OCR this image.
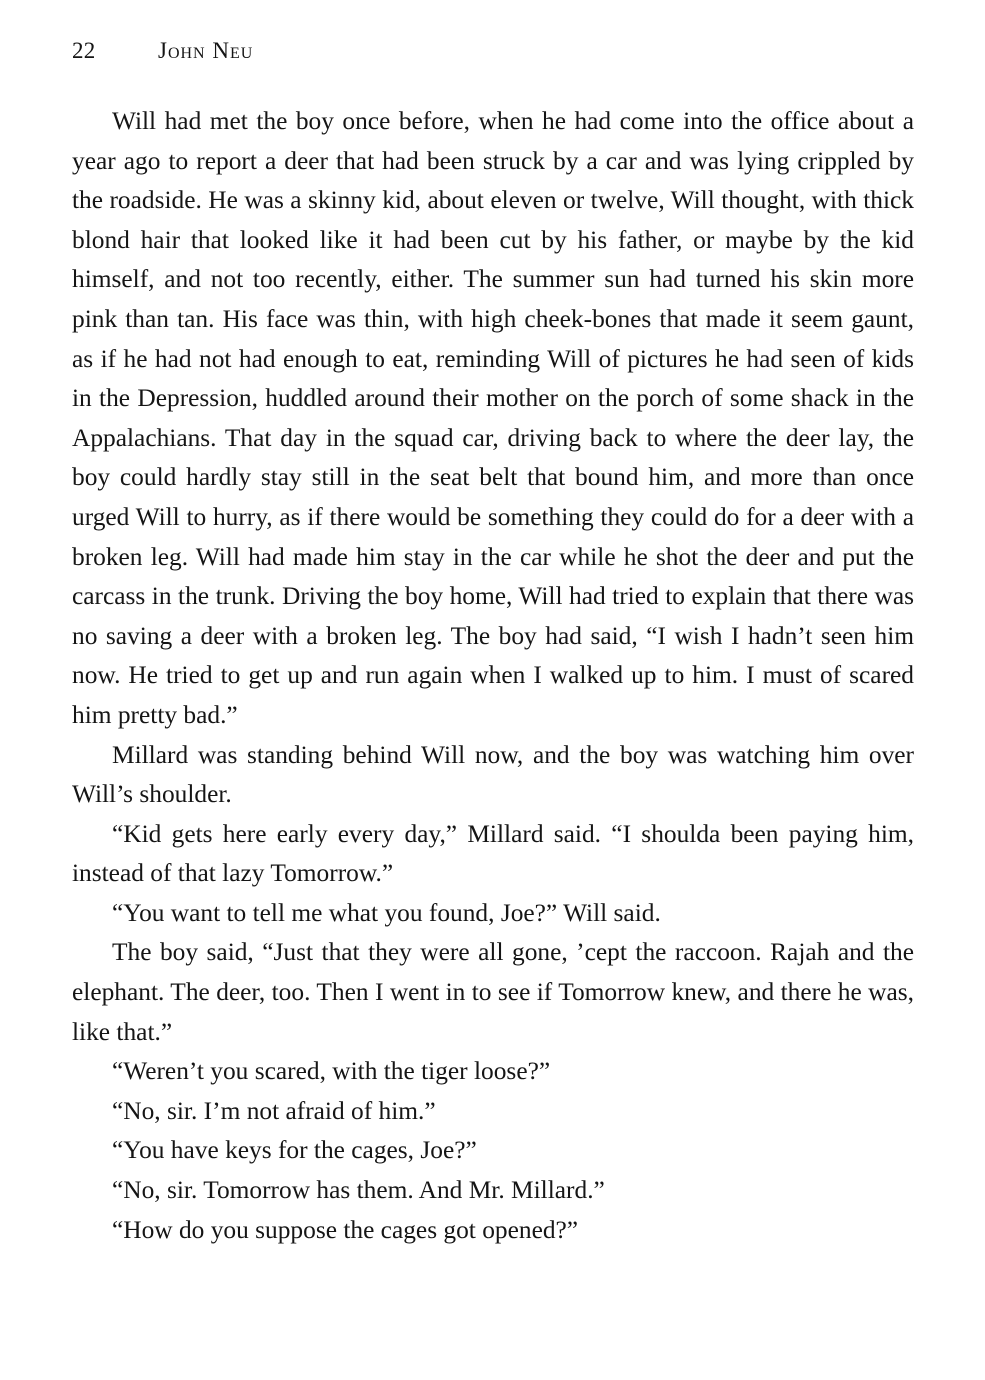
22	John Neu

Will had met the boy once before, when he had come into the office about a year ago to report a deer that had been struck by a car and was lying crippled by the roadside. He was a skinny kid, about eleven or twelve, Will thought, with thick blond hair that looked like it had been cut by his father, or maybe by the kid himself, and not too recently, either. The summer sun had turned his skin more pink than tan. His face was thin, with high cheek-bones that made it seem gaunt, as if he had not had enough to eat, reminding Will of pictures he had seen of kids in the Depression, huddled around their mother on the porch of some shack in the Appalachians. That day in the squad car, driving back to where the deer lay, the boy could hardly stay still in the seat belt that bound him, and more than once urged Will to hurry, as if there would be something they could do for a deer with a broken leg. Will had made him stay in the car while he shot the deer and put the carcass in the trunk. Driving the boy home, Will had tried to explain that there was no saving a deer with a broken leg. The boy had said, “I wish I hadn’t seen him now. He tried to get up and run again when I walked up to him. I must of scared him pretty bad.”

Millard was standing behind Will now, and the boy was watching him over Will’s shoulder.

“Kid gets here early every day,” Millard said. “I shoulda been paying him, instead of that lazy Tomorrow.”

“You want to tell me what you found, Joe?” Will said.

The boy said, “Just that they were all gone, ’cept the raccoon. Rajah and the elephant. The deer, too. Then I went in to see if Tomorrow knew, and there he was, like that.”

“Weren’t you scared, with the tiger loose?”

“No, sir. I’m not afraid of him.”

“You have keys for the cages, Joe?”

“No, sir. Tomorrow has them. And Mr. Millard.”

“How do you suppose the cages got opened?”
